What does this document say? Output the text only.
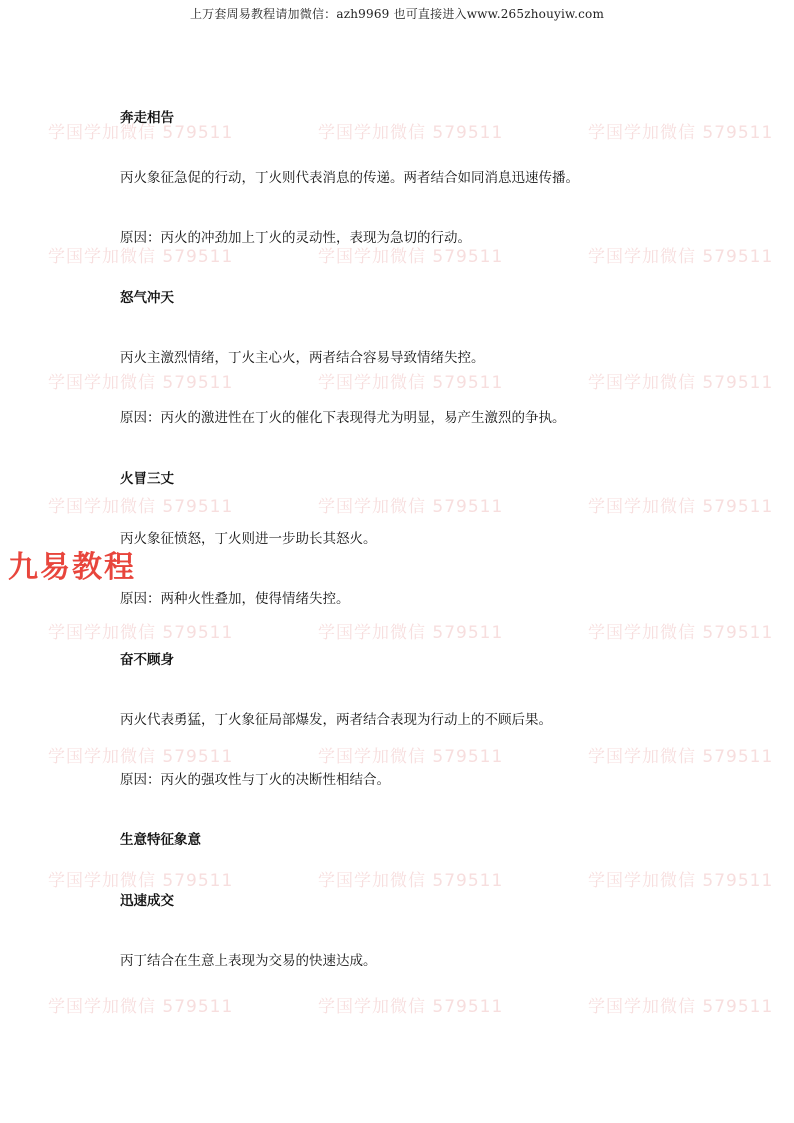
上万套周易教程请加微信：azh9969 也可直接进入www.265zhouyiw.com
学国学加微信 579511	学国学加微信 579511	学国学加微信 579511
学国学加微信 579511	学国学加微信 579511	学国学加微信 579511
学国学加微信 579511	学国学加微信 579511	学国学加微信 579511
学国学加微信 579511	学国学加微信 579511	学国学加微信 579511
学国学加微信 579511	学国学加微信 579511	学国学加微信 579511
学国学加微信 579511	学国学加微信 579511	学国学加微信 579511
学国学加微信 579511	学国学加微信 579511	学国学加微信 579511
学国学加微信 579511	学国学加微信 579511	学国学加微信 579511
奔走相告
丙火象征急促的行动，丁火则代表消息的传递。两者结合如同消息迅速传播。
原因：丙火的冲劲加上丁火的灵动性，表现为急切的行动。
怒气冲天
丙火主激烈情绪，丁火主心火，两者结合容易导致情绪失控。
原因：丙火的激进性在丁火的催化下表现得尤为明显，易产生激烈的争执。
火冒三丈
丙火象征愤怒，丁火则进一步助长其怒火。
原因：两种火性叠加，使得情绪失控。
奋不顾身
丙火代表勇猛，丁火象征局部爆发，两者结合表现为行动上的不顾后果。
原因：丙火的强攻性与丁火的决断性相结合。
生意特征象意
迅速成交
丙丁结合在生意上表现为交易的快速达成。
九易教程
